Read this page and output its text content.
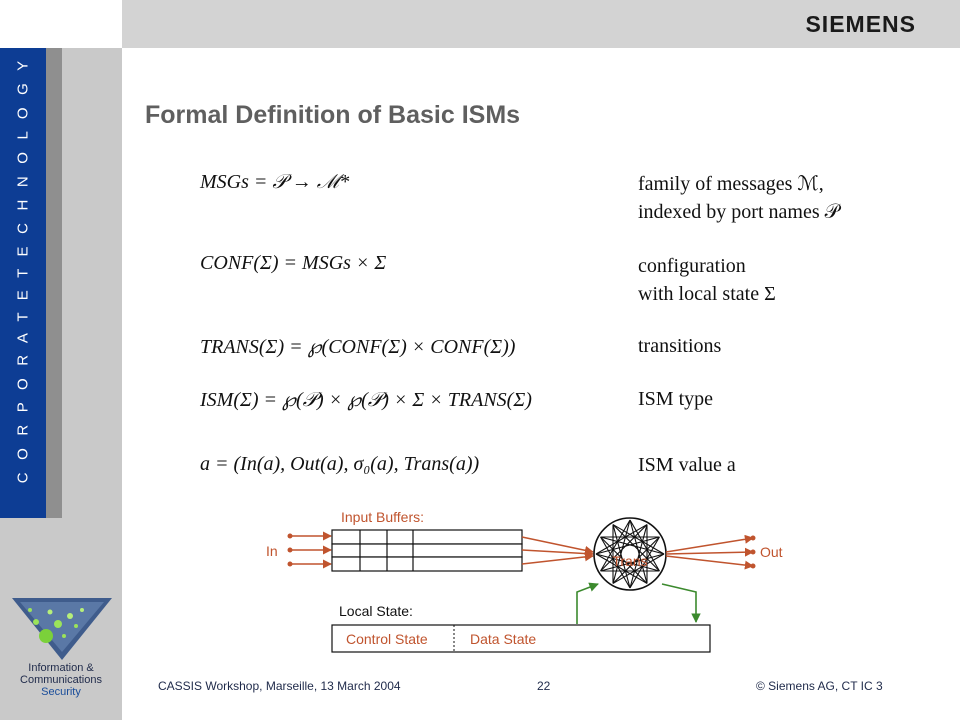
SIEMENS
C O R P O R A T E T E C H N O L O G Y
Information &
Communications
Security
Formal Definition of Basic ISMs
MSGs = 𝒫 → ℳ*	family of messages ℳ,
indexed by port names 𝒫
CONF(Σ) = MSGs × Σ	configuration
with local state Σ
TRANS(Σ) = ℘(CONF(Σ) × CONF(Σ))	transitions
ISM(Σ) = ℘(𝒫) × ℘(𝒫) × Σ × TRANS(Σ)	ISM type
a = (In(a), Out(a), σ₀(a), Trans(a))	ISM value a
Input Buffers:
In
Trans
Out
Local State:
Control State	Data State
CASSIS Workshop, Marseille, 13 March 2004	22	© Siemens AG, CT IC 3
